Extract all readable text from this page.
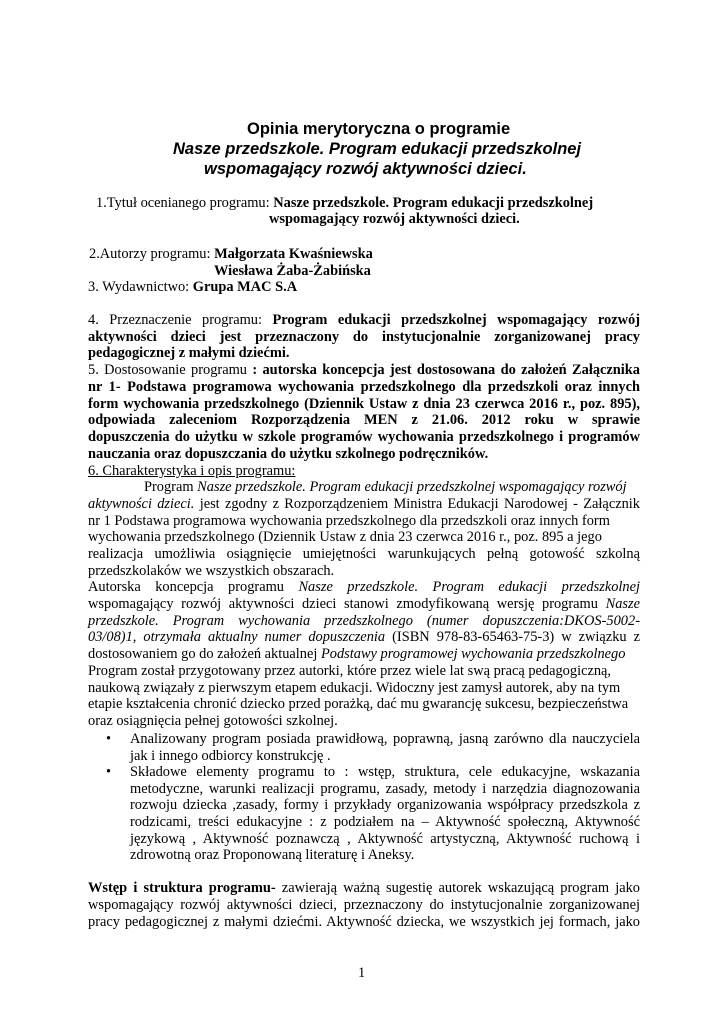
Opinia merytoryczna o programie
Nasze przedszkole. Program edukacji przedszkolnej
wspomagający rozwój aktywności dzieci.
1.Tytuł ocenianego programu: Nasze przedszkole. Program edukacji przedszkolnej
wspomagający rozwój aktywności dzieci.
2.Autorzy programu: Małgorzata Kwaśniewska
Wiesława Żaba-Żabińska
3. Wydawnictwo: Grupa MAC S.A
4. Przeznaczenie programu: Program edukacji przedszkolnej wspomagający rozwój
aktywności dzieci jest przeznaczony do instytucjonalnie zorganizowanej pracy
pedagogicznej z małymi dziećmi.
5. Dostosowanie programu : autorska koncepcja jest dostosowana do założeń Załącznika
nr 1- Podstawa programowa wychowania przedszkolnego dla przedszkoli oraz innych
form wychowania przedszkolnego (Dziennik Ustaw z dnia 23 czerwca 2016 r., poz. 895),
odpowiada zaleceniom Rozporządzenia MEN z 21.06. 2012 roku w sprawie
dopuszczenia do użytku w szkole programów wychowania przedszkolnego i programów
nauczania oraz dopuszczania do użytku szkolnego podręczników.
6. Charakterystyka i opis programu:
Program Nasze przedszkole. Program edukacji przedszkolnej wspomagający rozwój
aktywności dzieci. jest zgodny z Rozporządzeniem Ministra Edukacji Narodowej - Załącznik
nr 1 Podstawa programowa wychowania przedszkolnego dla przedszkoli oraz innych form
wychowania przedszkolnego (Dziennik Ustaw z dnia 23 czerwca 2016 r., poz. 895 a jego
realizacja umożliwia osiągnięcie umiejętności warunkujących pełną gotowość szkolną
przedszkolaków we wszystkich obszarach.
Autorska koncepcja programu Nasze przedszkole. Program edukacji przedszkolnej
wspomagający rozwój aktywności dzieci stanowi zmodyfikowaną wersję programu Nasze
przedszkole. Program wychowania przedszkolnego (numer dopuszczenia:DKOS-5002-
03/08)1, otrzymała aktualny numer dopuszczenia (ISBN 978-83-65463-75-3) w związku z
dostosowaniem go do założeń aktualnej Podstawy programowej wychowania przedszkolnego
Program został przygotowany przez autorki, które przez wiele lat swą pracą pedagogiczną,
naukową związały z pierwszym etapem edukacji. Widoczny jest zamysł autorek, aby na tym
etapie kształcenia chronić dziecko przed porażką, dać mu gwarancję sukcesu, bezpieczeństwa
oraz osiągnięcia pełnej gotowości szkolnej.
• Analizowany program posiada prawidłową, poprawną, jasną zarówno dla nauczyciela jak i innego odbiorcy konstrukcję .
• Składowe elementy programu to : wstęp, struktura, cele edukacyjne, wskazania metodyczne, warunki realizacji programu, zasady, metody i narzędzia diagnozowania rozwoju dziecka ,zasady, formy i przykłady organizowania współpracy przedszkola z rodzicami, treści edukacyjne : z podziałem na – Aktywność społeczną, Aktywność językową , Aktywność poznawczą , Aktywność artystyczną, Aktywność ruchową i zdrowotną oraz Proponowaną literaturę i Aneksy.
Wstęp i struktura programu- zawierają ważną sugestię autorek wskazującą program jako
wspomagający rozwój aktywności dzieci, przeznaczony do instytucjonalnie zorganizowanej
pracy pedagogicznej z małymi dziećmi. Aktywność dziecka, we wszystkich jej formach, jako
1
